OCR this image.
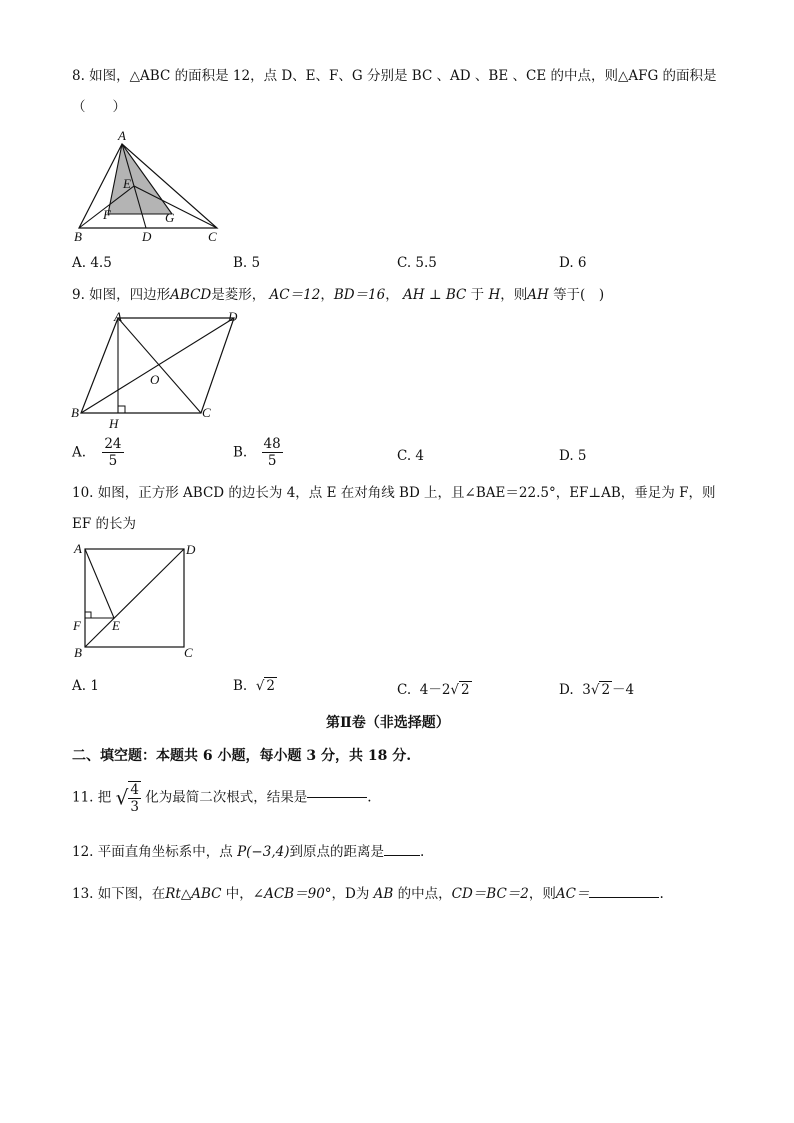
8. 如图，△ABC 的面积是 12，点 D、E、F、G 分别是 BC 、AD 、BE 、CE 的中点，则△AFG 的面积是
（　　）
A
B	D	C
E
F	G
A. 4.5	B. 5	C. 5.5	D. 6
9. 如图，四边形ABCD是菱形， AC＝12，BD＝16， AH ⊥ BC 于 H，则AH 等于(　)
A	D
B	C
O
H
A. $\frac{24}{5}$	B. $\frac{48}{5}$	C. 4	D. 5
10. 如图，正方形 ABCD 的边长为 4，点 E 在对角线 BD 上，且∠BAE＝22.5°，EF⊥AB，垂足为 F，则
EF 的长为
A	D
F E
B	C
A. 1	B. √ 2	C. 4－2√ 2	D. 3√ 2 －4
第Ⅱ卷（非选择题）
二、填空题：本题共 6 小题，每小题 3 分，共 18 分.
11. 把 √ $\frac{4}{3}$ 化为最简二次根式，结果是	.
12. 平面直角坐标系中，点 P(−3,4)到原点的距离是	.
13. 如下图，在Rt△ABC 中，∠ACB＝90°，D为 AB 的中点，CD＝BC＝2，则AC＝	.
